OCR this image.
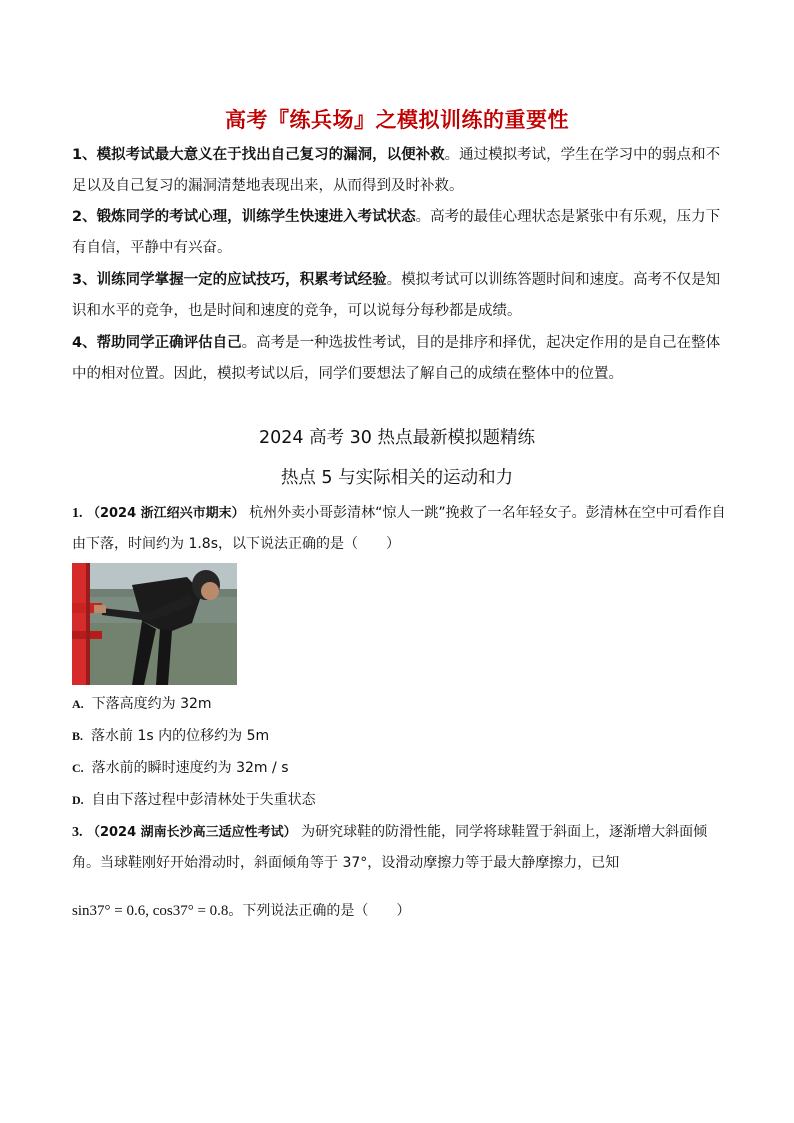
高考『练兵场』之模拟训练的重要性
1、模拟考试最大意义在于找出自己复习的漏洞，以便补救。通过模拟考试，学生在学习中的弱点和不足以及自己复习的漏洞清楚地表现出来，从而得到及时补救。
2、锻炼同学的考试心理，训练学生快速进入考试状态。高考的最佳心理状态是紧张中有乐观，压力下有自信，平静中有兴奋。
3、训练同学掌握一定的应试技巧，积累考试经验。模拟考试可以训练答题时间和速度。高考不仅是知识和水平的竞争，也是时间和速度的竞争，可以说每分每秒都是成绩。
4、帮助同学正确评估自己。高考是一种选拔性考试，目的是排序和择优，起决定作用的是自己在整体中的相对位置。因此，模拟考试以后，同学们要想法了解自己的成绩在整体中的位置。
2024 高考 30 热点最新模拟题精练
热点 5 与实际相关的运动和力
1. （2024 浙江绍兴市期末） 杭州外卖小哥彭清林“惊人一跳”挽救了一名年轻女子。彭清林在空中可看作自由下落，时间约为 1.8s，以下说法正确的是（　　）
A. 下落高度约为 32m
B. 落水前 1s 内的位移约为 5m
C. 落水前的瞬时速度约为 32m / s
D. 自由下落过程中彭清林处于失重状态
3. （2024 湖南长沙高三适应性考试） 为研究球鞋的防滑性能，同学将球鞋置于斜面上，逐渐增大斜面倾角。当球鞋刚好开始滑动时，斜面倾角等于 37°，设滑动摩擦力等于最大静摩擦力，已知
sin37° = 0.6, cos37° = 0.8。下列说法正确的是（　　）
